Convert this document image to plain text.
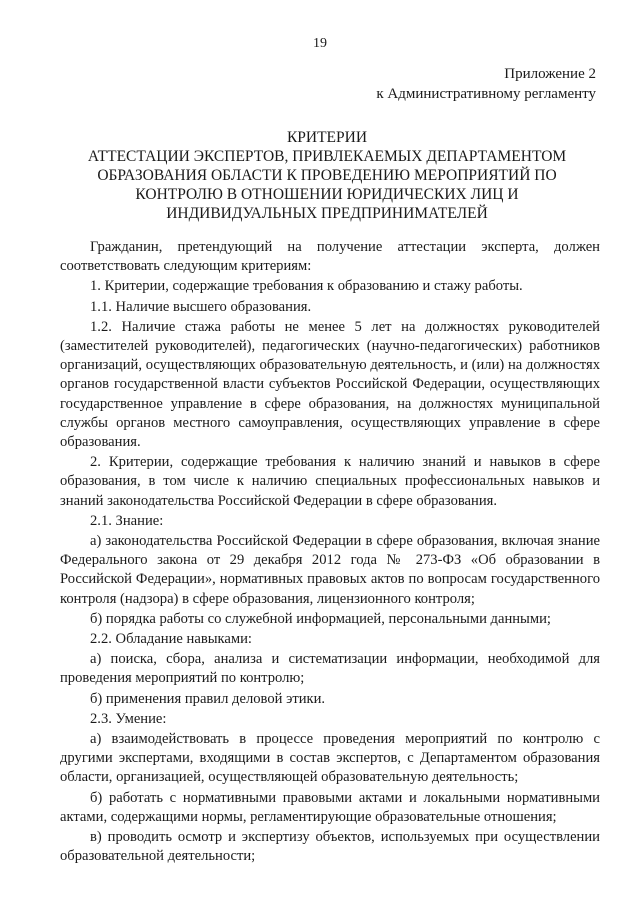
19
Приложение 2
к Административному регламенту
КРИТЕРИИ
АТТЕСТАЦИИ ЭКСПЕРТОВ, ПРИВЛЕКАЕМЫХ ДЕПАРТАМЕНТОМ ОБРАЗОВАНИЯ ОБЛАСТИ К ПРОВЕДЕНИЮ МЕРОПРИЯТИЙ ПО КОНТРОЛЮ В ОТНОШЕНИИ ЮРИДИЧЕСКИХ ЛИЦ И ИНДИВИДУАЛЬНЫХ ПРЕДПРИНИМАТЕЛЕЙ

Гражданин, претендующий на получение аттестации эксперта, должен соответствовать следующим критериям:

1. Критерии, содержащие требования к образованию и стажу работы.

1.1. Наличие высшего образования.

1.2. Наличие стажа работы не менее 5 лет на должностях руководителей (заместителей руководителей), педагогических (научно-педагогических) работников организаций, осуществляющих образовательную деятельность, и (или) на должностях органов государственной власти субъектов Российской Федерации, осуществляющих государственное управление в сфере образования, на должностях муниципальной службы органов местного самоуправления, осуществляющих управление в сфере образования.

2. Критерии, содержащие требования к наличию знаний и навыков в сфере образования, в том числе к наличию специальных профессиональных навыков и знаний законодательства Российской Федерации в сфере образования.

2.1. Знание:

а) законодательства Российской Федерации в сфере образования, включая знание Федерального закона от 29 декабря 2012 года № 273-ФЗ «Об образовании в Российской Федерации», нормативных правовых актов по вопросам государственного контроля (надзора) в сфере образования, лицензионного контроля;

б) порядка работы со служебной информацией, персональными данными;

2.2. Обладание навыками:

а) поиска, сбора, анализа и систематизации информации, необходимой для проведения мероприятий по контролю;

б) применения правил деловой этики.

2.3. Умение:

а) взаимодействовать в процессе проведения мероприятий по контролю с другими экспертами, входящими в состав экспертов, с Департаментом образования области, организацией, осуществляющей образовательную деятельность;

б) работать с нормативными правовыми актами и локальными нормативными актами, содержащими нормы, регламентирующие образовательные отношения;

в) проводить осмотр и экспертизу объектов, используемых при осуществлении образовательной деятельности;
